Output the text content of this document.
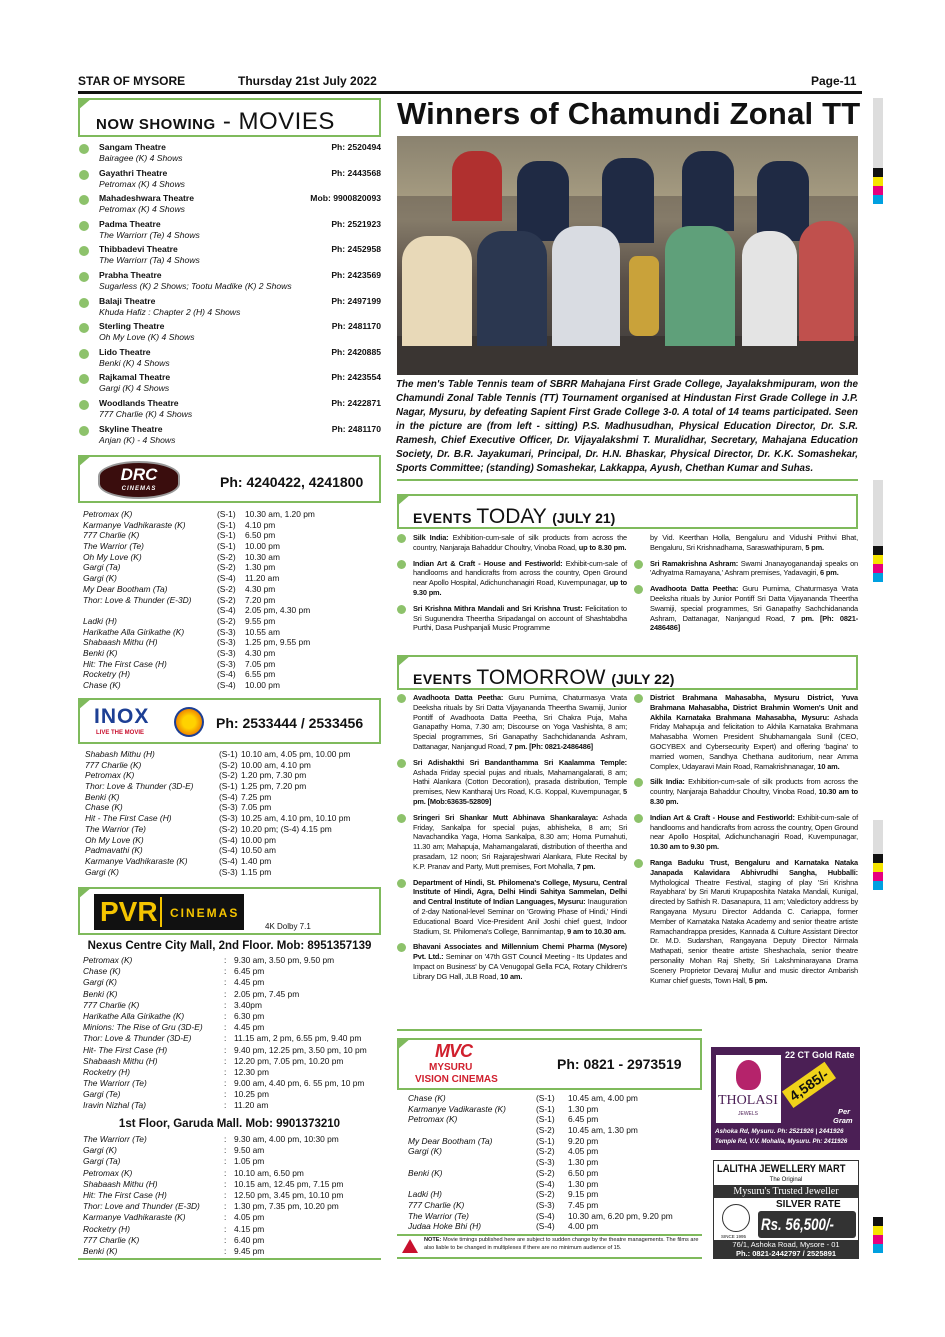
STAR OF MYSORE	Thursday 21st July 2022	Page-11
NOW SHOWING - MOVIES
Sangam Theatre	Ph: 2520494
Bairagee (K) 4 Shows
Gayathri Theatre	Ph: 2443568
Petromax (K) 4 Shows
Mahadeshwara Theatre	Mob: 9900820093
Petromax (K) 4 Shows
Padma Theatre	Ph: 2521923
The Warriorr (Te) 4 Shows
Thibbadevi Theatre	Ph: 2452958
The Warriorr (Ta) 4 Shows
Prabha Theatre	Ph: 2423569
Sugarless (K) 2 Shows; Tootu Madike (K) 2 Shows
Balaji Theatre	Ph: 2497199
Khuda Hafiz : Chapter 2 (H) 4 Shows
Sterling Theatre	Ph: 2481170
Oh My Love (K) 4 Shows
Lido Theatre	Ph: 2420885
Benki (K) 4 Shows
Rajkamal Theatre	Ph: 2423554
Gargi (K) 4 Shows
Woodlands Theatre	Ph: 2422871
777 Charlie (K) 4 Shows
Skyline Theatre	Ph: 2481170
Anjan (K) - 4 Shows
DRC CINEMAS	Ph: 4240422, 4241800
Petromax (K)	(S-1)	10.30 am, 1.20 pm
Karmanye Vadhikaraste (K)	(S-1)	4.10 pm
777 Charlie (K)	(S-1)	6.50 pm
The Warrior (Te)	(S-1)	10.00 pm
Oh My Love (K)	(S-2)	10.30 am
Gargi (Ta)	(S-2)	1.30 pm
Gargi (K)	(S-4)	11.20 am
My Dear Bootham (Ta)	(S-2)	4.30 pm
Thor: Love & Thunder (E-3D)	(S-2)	7.20 pm
(S-4)	2.05 pm, 4.30 pm
Ladki (H)	(S-2)	9.55 pm
Harikathe Alla Girikathe (K)	(S-3)	10.55 am
Shabaash Mithu (H)	(S-3)	1.25 pm, 9.55 pm
Benki (K)	(S-3)	4.30 pm
Hit: The First Case (H)	(S-3)	7.05 pm
Rocketry (H)	(S-4)	6.55 pm
Chase (K)	(S-4)	10.00 pm
INOX
LIVE THE MOVIE
Ph: 2533444 / 2533456
Shabash Mithu (H)	(S-1) 10.10 am, 4.05 pm, 10.00 pm
777 Charlie (K)	(S-2) 10.00 am, 4.10 pm
Petromax (K)	(S-2) 1.20 pm, 7.30 pm
Thor: Love & Thunder (3D-E)	(S-1) 1.25 pm, 7.20 pm
Benki (K)	(S-4) 7.25 pm
Chase (K)	(S-3) 7.05 pm
Hit - The First Case (H)	(S-3) 10.25 am, 4.10 pm, 10.10 pm
The Warrior (Te)	(S-2) 10.20 pm; (S-4) 4.15 pm
Oh My Love (K)	(S-4) 10.00 pm
Padmavathi (K)	(S-4) 10.50 am
Karmanye Vadhikaraste (K)	(S-4) 1.40 pm
Gargi (K)	(S-3) 1.15 pm
PVR CINEMAS
4K Dolby 7.1
Nexus Centre City Mall, 2nd Floor. Mob: 8951357139
Petromax (K)	: 9.30 am, 3.50 pm, 9.50 pm
Chase (K)	: 6.45 pm
Gargi (K)	: 4.45 pm
Benki (K)	: 2.05 pm, 7.45 pm
777 Charlie (K)	: 3.40pm
Harikathe Alla Girikathe (K)	: 6.30 pm
Minions: The Rise of Gru (3D-E)	: 4.45 pm
Thor: Love & Thunder (3D-E)	: 11.15 am, 2 pm, 6.55 pm, 9.40 pm
Hit- The First Case (H)	: 9.40 pm, 12.25 pm, 3.50 pm, 10 pm
Shabaash Mithu (H)	: 12.20 pm, 7.05 pm, 10.20 pm
Rocketry (H)	: 12.30 pm
The Warriorr (Te)	: 9.00 am, 4.40 pm, 6. 55 pm, 10 pm
Gargi (Te)	: 10.25 pm
Iravin Nizhal (Ta)	: 11.20 am
1st Floor, Garuda Mall. Mob: 9901373210
The Warriorr (Te)	: 9.30 am, 4.00 pm, 10:30 pm
Gargi (K)	: 9.50 am
Gargi (Ta)	: 1.05 pm
Petromax (K)	: 10.10 am, 6.50 pm
Shabaash Mithu (H)	: 10.15 am, 12.45 pm, 7.15 pm
Hit: The First Case (H)	: 12.50 pm, 3.45 pm, 10.10 pm
Thor: Love and Thunder (E-3D)	: 1.30 pm, 7.35 pm, 10.20 pm
Karmanye Vadhikaraste (K)	: 4.05 pm
Rocketry (H)	: 4.15 pm
777 Charlie (K)	: 6.40 pm
Benki (K)	: 9.45 pm
Winners of Chamundi Zonal TT
The men's Table Tennis team of SBRR Mahajana First Grade College, Jayalakshmipuram, won the Chamundi Zonal Table Tennis (TT) Tournament organised at Hindustan First Grade College in J.P. Nagar, Mysuru, by defeating Sapient First Grade College 3-0. A total of 14 teams participated. Seen in the picture are (from left - sitting) P.S. Madhusudhan, Physical Education Director, Dr. S.R. Ramesh, Chief Executive Officer, Dr. Vijayalakshmi T. Muralidhar, Secretary, Mahajana Education Society, Dr. B.R. Jayakumari, Principal, Dr. H.N. Bhaskar, Physical Director, Dr. K.K. Somashekar, Sports Committee; (standing) Somashekar, Lakkappa, Ayush, Chethan Kumar and Suhas.
EVENTS TODAY (JULY 21)
Silk India: Exhibition-cum-sale of silk products from across the country, Nanjaraja Bahaddur Choultry, Vinoba Road, up to 8.30 pm.
Indian Art & Craft - House and Festiworld: Exhibit-cum-sale of handlooms and handicrafts from across the country, Open Ground near Apollo Hospital, Adichunchanagiri Road, Kuvempunagar, up to 9.30 pm.
Sri Krishna Mithra Mandali and Sri Krishna Trust: Felicitation to Sri Sugunendra Theertha Sripadangal on account of Shashtabdha Purthi, Dasa Pushpanjali Music Programme
by Vid. Keerthan Holla, Bengaluru and Vidushi Prithvi Bhat, Bengaluru, Sri Krishnadhama, Saraswathipuram, 5 pm.
Sri Ramakrishna Ashram: Swami Jnanayoganandaji speaks on 'Adhyatma Ramayana,' Ashram premises, Yadavagiri, 6 pm.
Avadhoota Datta Peetha: Guru Purnima, Chaturmasya Vrata Deeksha rituals by Junior Pontiff Sri Datta Vijayananda Theertha Swamiji, special programmes, Sri Ganapathy Sachchidananda Ashram, Dattanagar, Nanjangud Road, 7 pm. [Ph: 0821-2486486]
EVENTS TOMORROW (JULY 22)
Avadhoota Datta Peetha: Guru Purnima, Chaturmasya Vrata Deeksha rituals by Sri Datta Vijayananda Theertha Swamiji, Junior Pontiff of Avadhoota Datta Peetha, Sri Chakra Puja, Maha Ganapathy Homa, 7.30 am; Discourse on Yoga Vashishta, 8 am; Special programmes, Sri Ganapathy Sachchidananda Ashram, Dattanagar, Nanjangud Road, 7 pm. [Ph: 0821-2486486]
Sri Adishakthi Sri Bandanthamma Sri Kaalamma Temple: Ashada Friday special pujas and rituals, Mahamangalarati, 8 am; Hathi Alankara (Cotton Decoration), prasada distribution, Temple premises, New Kantharaj Urs Road, K.G. Koppal, Kuvempunagar, 5 pm. [Mob:63635-52809]
Sringeri Sri Shankar Mutt Abhinava Shankaralaya: Ashada Friday, Sankalpa for special pujas, abhisheka, 8 am; Sri Navachandika Yaga, Homa Sankalpa, 8.30 am; Homa Purnahuti, 11.30 am; Mahapuja, Mahamangalarati, distribution of theertha and prasadam, 12 noon; Sri Rajarajeshwari Alankara, Flute Recital by K.P. Pranav and Party, Mutt premises, Fort Mohalla, 7 pm.
Department of Hindi, St. Philomena's College, Mysuru, Central Institute of Hindi, Agra, Delhi Hindi Sahitya Sammelan, Delhi and Central Institute of Indian Languages, Mysuru: Inauguration of 2-day National-level Seminar on 'Growing Phase of Hindi,' Hindi Educational Board Vice-President Anil Joshi chief guest, Indoor Stadium, St. Philomena's College, Bannimantap, 9 am to 10.30 am.
Bhavani Associates and Millennium Chemi Pharma (Mysore) Pvt. Ltd.: Seminar on '47th GST Council Meeting - Its Updates and Impact on Business' by CA Venugopal Gella FCA, Rotary Children's Library DG Hall, JLB Road, 10 am.
District Brahmana Mahasabha, Mysuru District, Yuva Brahmana Mahasabha, District Brahmin Women's Unit and Akhila Karnataka Brahmana Mahasabha, Mysuru: Ashada Friday Mahapuja and felicitation to Akhila Karnataka Brahmana Mahasabha Women President Shubhamangala Sunil (CEO, GOCYBEX and Cybersecurity Expert) and offering 'bagina' to married women, Sandhya Chethana auditorium, near Amma Complex, Udayaravi Main Road, Ramakrishnanagar, 10 am.
Silk India: Exhibition-cum-sale of silk products from across the country, Nanjaraja Bahaddur Choultry, Vinoba Road, 10.30 am to 8.30 pm.
Indian Art & Craft - House and Festiworld: Exhibit-cum-sale of handlooms and handicrafts from across the country, Open Ground near Apollo Hospital, Adichunchanagiri Road, Kuvempunagar, 10.30 am to 9.30 pm.
Ranga Baduku Trust, Bengaluru and Karnataka Nataka Janapada Kalavidara Abhivrudhi Sangha, Hubballi: Mythological Theatre Festival, staging of play 'Sri Krishna Rayabhara' by Sri Maruti Krupaposhita Nataka Mandali, Kunigal, directed by Sathish R. Dasanapura, 11 am; Valedictory address by Rangayana Mysuru Director Addanda C. Cariappa, former Member of Karnataka Nataka Academy and senior theatre artiste Ramachandrappa presides, Kannada & Culture Assistant Director Dr. M.D. Sudarshan, Rangayana Deputy Director Nirmala Mathapati, senior theatre artiste Sheshachala, senior theatre personality Mohan Raj Shetty, Sri Lakshminarayana Drama Scenery Proprietor Devaraj Mullur and music director Ambarish Kumar chief guests, Town Hall, 5 pm.
MVC
MYSURU
VISION CINEMAS
Ph: 0821 - 2973519
Chase (K)	(S-1)	10.45 am, 4.00 pm
Karmanye Vadikaraste (K)	(S-1)	1.30 pm
Petromax (K)	(S-1)	6.45 pm
(S-2)	10.45 am, 1.30 pm
My Dear Bootham (Ta)	(S-1)	9.20 pm
Gargi (K)	(S-2)	4.05 pm
(S-3)	1.30 pm
Benki (K)	(S-2)	6.50 pm
(S-4)	1.30 pm
Ladki (H)	(S-2)	9.15 pm
777 Charlie (K)	(S-3)	7.45 pm
The Warrior (Te)	(S-4)	10.30 am, 6.20 pm, 9.20 pm
Judaa Hoke Bhi (H)	(S-4)	4.00 pm
NOTE: Movie timings published here are subject to sudden change by the theatre managements. The films are also liable to be changed in multiplexes if there are no minimum audience of 15.
THOLASI
JEWELS
22 CT Gold Rate
4,585/-
Per
Gram
Ashoka Rd, Mysuru. Ph: 2521926 | 2441926
Temple Rd, V.V. Mohalla, Mysuru. Ph: 2411926
LALITHA JEWELLERY MART
The Original
Mysuru's Trusted Jeweller
SINCE 1995
SILVER RATE
Rs. 56,500/-
76/1, Ashoka Road, Mysore - 01
Ph.: 0821-2442797 / 2525891
